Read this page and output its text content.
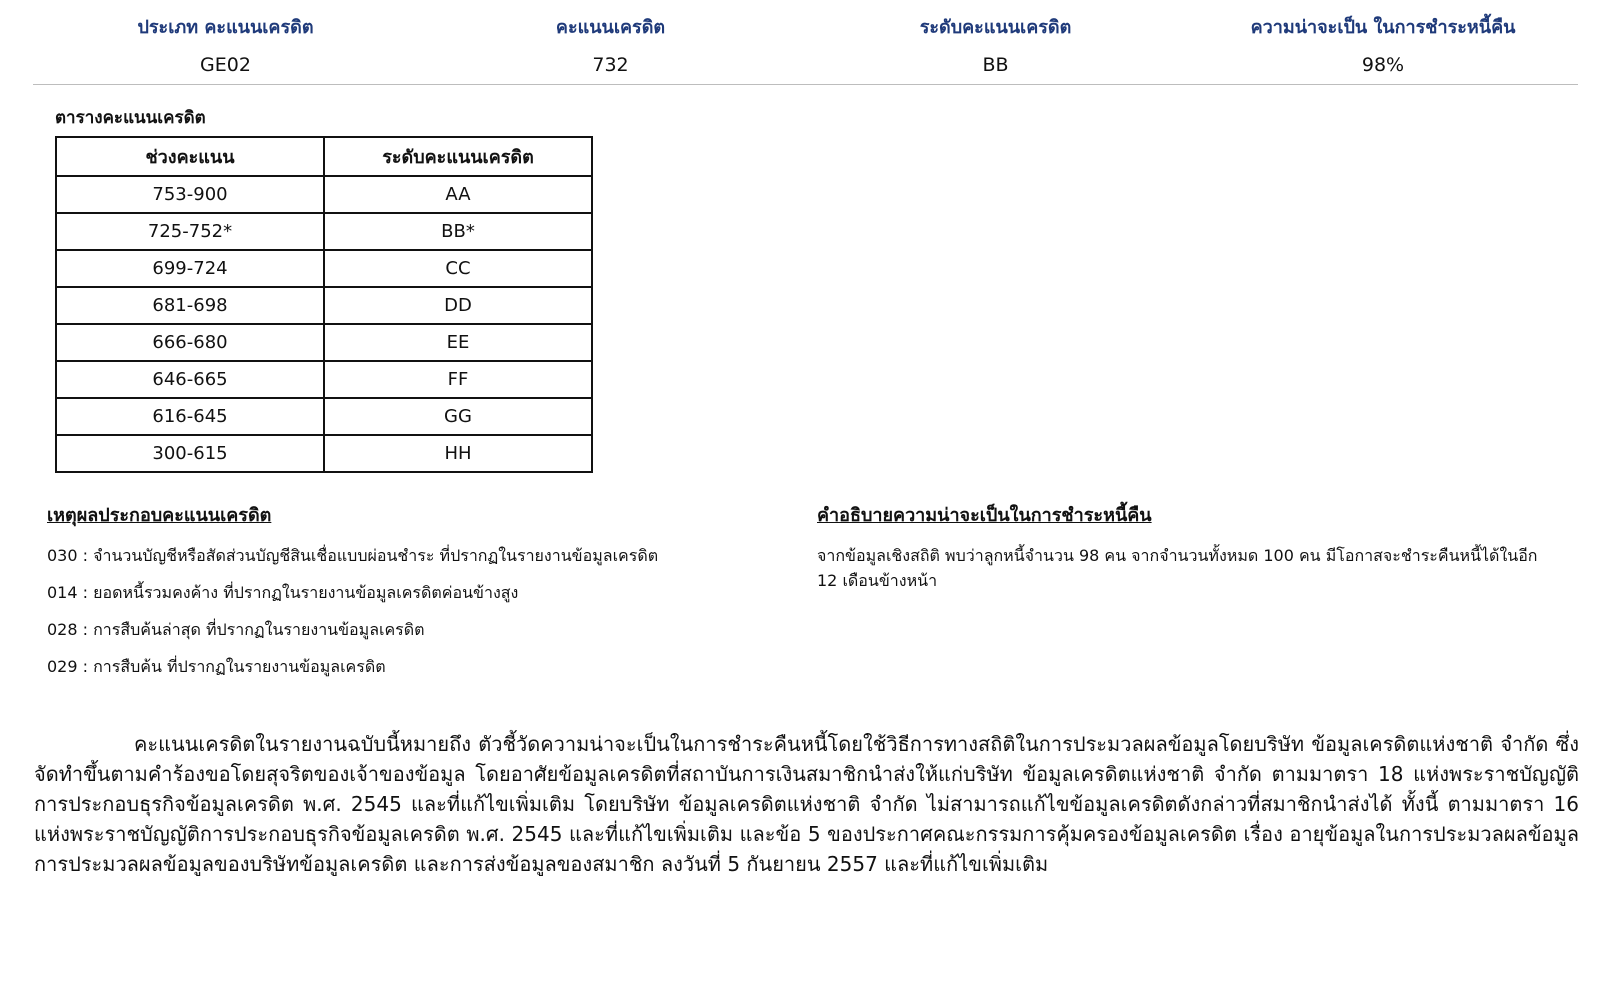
ประเภท คะแนนเครดิต	คะแนนเครดิต	ระดับคะแนนเครดิต	ความน่าจะเป็น ในการชำระหนี้คืน
GE02	732	BB	98%
ตารางคะแนนเครดิต
ช่วงคะแนน	ระดับคะแนนเครดิต
753-900	AA
725-752*	BB*
699-724	CC
681-698	DD
666-680	EE
646-665	FF
616-645	GG
300-615	HH
เหตุผลประกอบคะแนนเครดิต
030 : จำนวนบัญชีหรือสัดส่วนบัญชีสินเชื่อแบบผ่อนชำระ ที่ปรากฏในรายงานข้อมูลเครดิต
014 : ยอดหนี้รวมคงค้าง ที่ปรากฏในรายงานข้อมูลเครดิตค่อนข้างสูง
028 : การสืบค้นล่าสุด ที่ปรากฏในรายงานข้อมูลเครดิต
029 : การสืบค้น ที่ปรากฏในรายงานข้อมูลเครดิต
คำอธิบายความน่าจะเป็นในการชำระหนี้คืน
จากข้อมูลเชิงสถิติ พบว่าลูกหนี้จำนวน 98 คน จากจำนวนทั้งหมด 100 คน มีโอกาสจะชำระคืนหนี้ได้ในอีก 12 เดือนข้างหน้า
คะแนนเครดิตในรายงานฉบับนี้หมายถึง ตัวชี้วัดความน่าจะเป็นในการชำระคืนหนี้โดยใช้วิธีการทางสถิติในการประมวลผลข้อมูลโดยบริษัท ข้อมูลเครดิตแห่งชาติ จำกัด ซึ่งจัดทำขึ้นตามคำร้องขอโดยสุจริตของเจ้าของข้อมูล โดยอาศัยข้อมูลเครดิตที่สถาบันการเงินสมาชิกนำส่งให้แก่บริษัท ข้อมูลเครดิตแห่งชาติ จำกัด ตามมาตรา 18 แห่งพระราชบัญญัติการประกอบธุรกิจข้อมูลเครดิต พ.ศ. 2545 และที่แก้ไขเพิ่มเติม โดยบริษัท ข้อมูลเครดิตแห่งชาติ จำกัด ไม่สามารถแก้ไขข้อมูลเครดิตดังกล่าวที่สมาชิกนำส่งได้ ทั้งนี้ ตามมาตรา 16 แห่งพระราชบัญญัติการประกอบธุรกิจข้อมูลเครดิต พ.ศ. 2545 และที่แก้ไขเพิ่มเติม และข้อ 5 ของประกาศคณะกรรมการคุ้มครองข้อมูลเครดิต เรื่อง อายุข้อมูลในการประมวลผลข้อมูล การประมวลผลข้อมูลของบริษัทข้อมูลเครดิต และการส่งข้อมูลของสมาชิก ลงวันที่ 5 กันยายน 2557 และที่แก้ไขเพิ่มเติม
